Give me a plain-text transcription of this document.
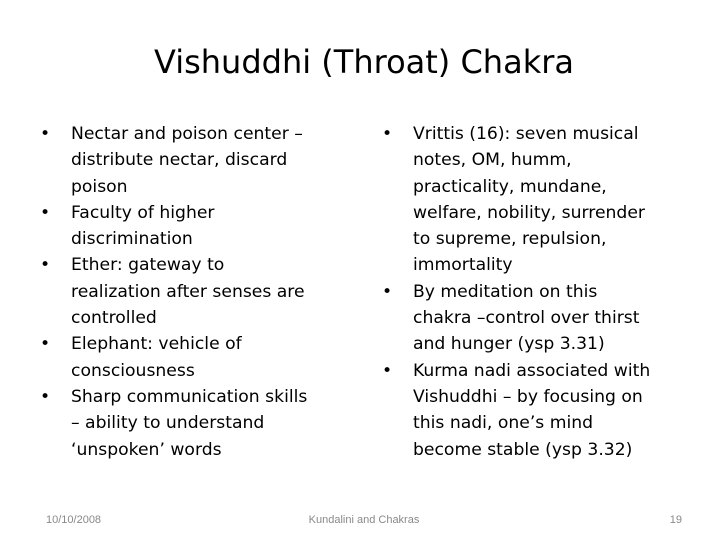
Vishuddhi (Throat) Chakra
•	Nectar and poison center –
distribute nectar, discard
poison
•	Faculty of higher
discrimination
•	Ether: gateway to
realization after senses are
controlled
•	Elephant: vehicle of
consciousness
•	Sharp communication skills
– ability to understand
‘unspoken’ words
•	Vrittis (16): seven musical
notes, OM, humm,
practicality, mundane,
welfare, nobility, surrender
to supreme, repulsion,
immortality
•	By meditation on this
chakra –control over thirst
and hunger (ysp 3.31)
•	Kurma nadi associated with
Vishuddhi – by focusing on
this nadi, one’s mind
become stable (ysp 3.32)
10/10/2008	Kundalini and Chakras	19
